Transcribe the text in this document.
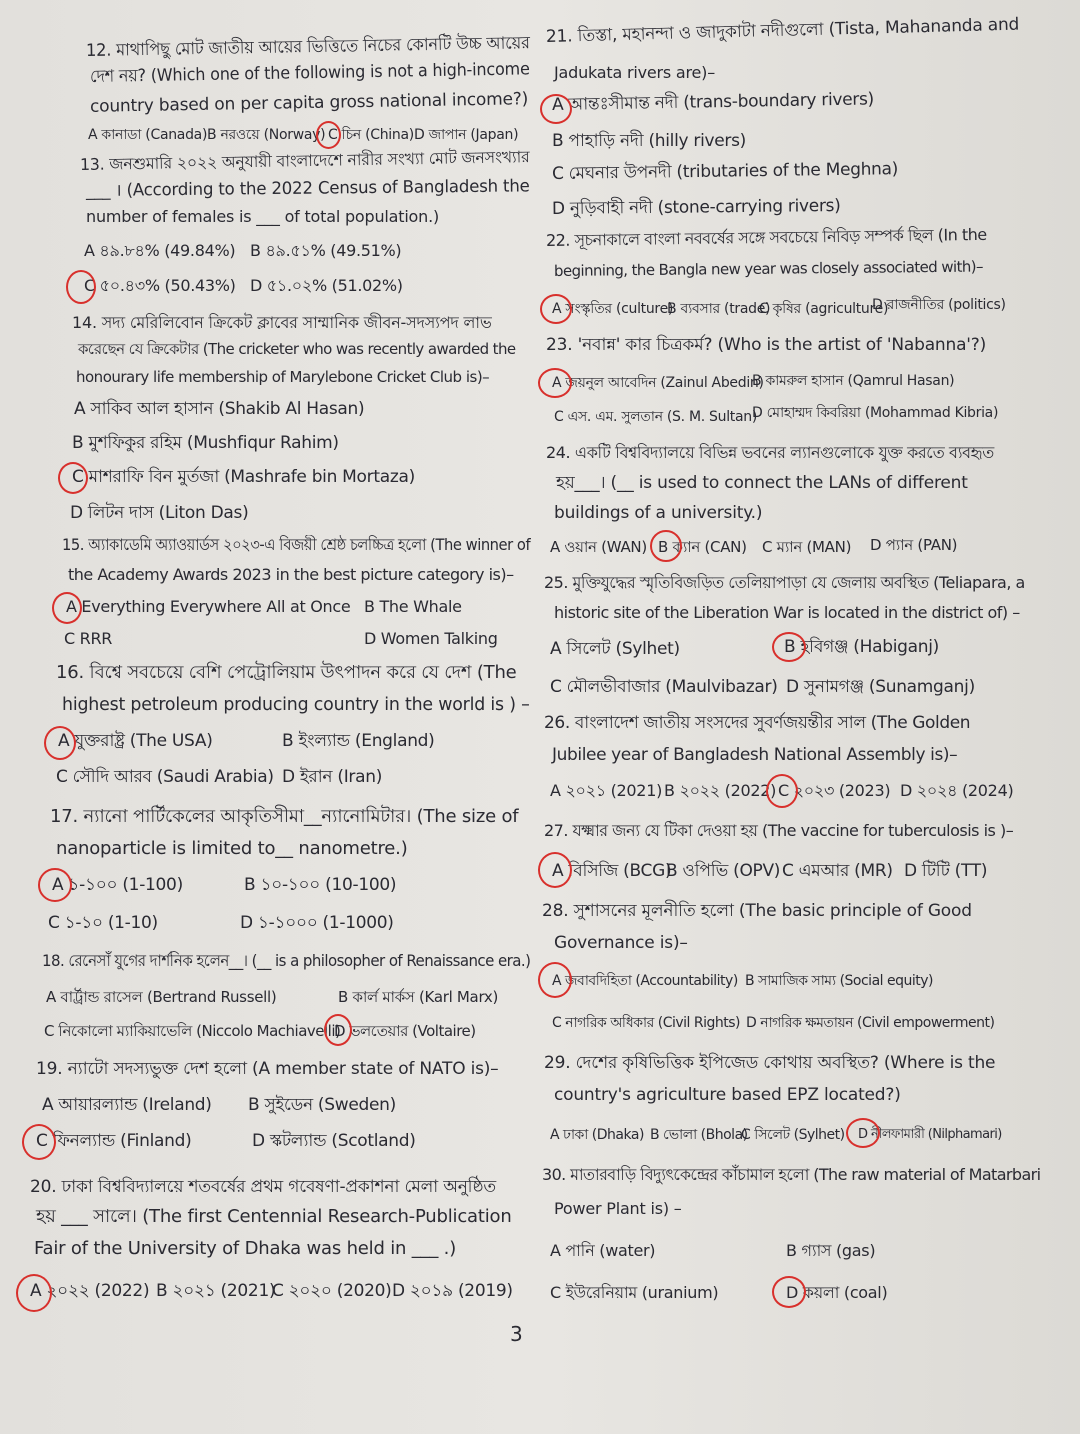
12. মাথাপিছু মোট জাতীয় আয়ের ভিত্তিতে নিচের কোনটি উচ্চ আয়ের
দেশ নয়? (Which one of the following is not a high-income
country based on per capita gross national income?)
A কানাডা (Canada) B নরওয়ে (Norway) C চিন (China) D জাপান (Japan)
13. জনশুমারি ২০২২ অনুযায়ী বাংলাদেশে নারীর সংখ্যা মোট জনসংখ্যার
___ । (According to the 2022 Census of Bangladesh the
number of females is ___ of total population.)
A ৪৯.৮৪% (49.84%) B ৪৯.৫১% (49.51%)
C ৫০.৪৩% (50.43%) D ৫১.০২% (51.02%)
14. সদ্য মেরিলিবোন ক্রিকেট ক্লাবের সাম্মানিক জীবন-সদস্যপদ লাভ
করেছেন যে ক্রিকেটার (The cricketer who was recently awarded the
honourary life membership of Marylebone Cricket Club is)–
A সাকিব আল হাসান (Shakib Al Hasan)
B মুশফিকুর রহিম (Mushfiqur Rahim)
C মাশরাফি বিন মুর্তজা (Mashrafe bin Mortaza)
D লিটন দাস (Liton Das)
15. অ্যাকাডেমি অ্যাওয়ার্ডস ২০২৩-এ বিজয়ী শ্রেষ্ঠ চলচ্চিত্র হলো (The winner of
the Academy Awards 2023 in the best picture category is)–
A Everything Everywhere All at Once B The Whale
C RRR	D Women Talking
16. বিশ্বে সবচেয়ে বেশি পেট্রোলিয়াম উৎপাদন করে যে দেশ (The
highest petroleum producing country in the world is ) –
A যুক্তরাষ্ট্র (The USA)	B ইংল্যান্ড (England)
C সৌদি আরব (Saudi Arabia) D ইরান (Iran)
17. ন্যানো পার্টিকেলের আকৃতিসীমা__ন্যানোমিটার। (The size of
nanoparticle is limited to__ nanometre.)
A ১-১০০ (1-100)	B ১০-১০০ (10-100)
C ১-১০ (1-10)	D ১-১০০০ (1-1000)
18. রেনেসাঁ যুগের দার্শনিক হলেন__। (__ is a philosopher of Renaissance era.)
A বার্ট্রান্ড রাসেল (Bertrand Russell)	B কার্ল মার্কস (Karl Marx)
C নিকোলো ম্যাকিয়াভেলি (Niccolo Machiavelli)
D ভলতেয়ার (Voltaire)
19. ন্যাটো সদস্যভুক্ত দেশ হলো (A member state of NATO is)–
A আয়ারল্যান্ড (Ireland) B সুইডেন (Sweden)
C ফিনল্যান্ড (Finland)	D স্কটল্যান্ড (Scotland)
20. ঢাকা বিশ্ববিদ্যালয়ে শতবর্ষের প্রথম গবেষণা-প্রকাশনা মেলা অনুষ্ঠিত
হয় ___ সালে। (The first Centennial Research-Publication
Fair of the University of Dhaka was held in ___ .)
A ২০২২ (2022) B ২০২১ (2021)
C ২০২০ (2020) D ২০১৯ (2019)
21. তিস্তা, মহানন্দা ও জাদুকাটা নদীগুলো (Tista, Mahananda and
Jadukata rivers are)–
A আন্তঃসীমান্ত নদী (trans-boundary rivers)
B পাহাড়ি নদী (hilly rivers)
C মেঘনার উপনদী (tributaries of the Meghna)
D নুড়িবাহী নদী (stone-carrying rivers)
22. সূচনাকালে বাংলা নববর্ষের সঙ্গে সবচেয়ে নিবিড় সম্পর্ক ছিল (In the
beginning, the Bangla new year was closely associated with)–
A সংস্কৃতির (culture)
B ব্যবসার (trade)
C কৃষির (agriculture)
D রাজনীতির (politics)
23. 'নবান্ন' কার চিত্রকর্ম? (Who is the artist of 'Nabanna'?)
A জয়নুল আবেদিন (Zainul Abedin)
B কামরুল হাসান (Qamrul Hasan)
C এস. এম. সুলতান (S. M. Sultan)
D মোহাম্মদ কিবরিয়া (Mohammad Kibria)
24. একটি বিশ্ববিদ্যালয়ে বিভিন্ন ভবনের ল্যানগুলোকে যুক্ত করতে ব্যবহৃত
হয়___। (__ is used to connect the LANs of different
buildings of a university.)
A ওয়ান (WAN) B ক্যান (CAN) C ম্যান (MAN) D প্যান (PAN)
25. মুক্তিযুদ্ধের স্মৃতিবিজড়িত তেলিয়াপাড়া যে জেলায় অবস্থিত (Teliapara, a
historic site of the Liberation War is located in the district of) –
A সিলেট (Sylhet)	B হবিগঞ্জ (Habiganj)
C মৌলভীবাজার (Maulvibazar) D সুনামগঞ্জ (Sunamganj)
26. বাংলাদেশ জাতীয় সংসদের সুবর্ণজয়ন্তীর সাল (The Golden
Jubilee year of Bangladesh National Assembly is)–
A ২০২১ (2021) B ২০২২ (2022) C ২০২৩ (2023) D ২০২৪ (2024)
27. যক্ষ্মার জন্য যে টিকা দেওয়া হয় (The vaccine for tuberculosis is )–
A বিসিজি (BCG)
B ওপিভি (OPV) C এমআর (MR) D টিটি (TT)
28. সুশাসনের মূলনীতি হলো (The basic principle of Good
Governance is)–
A জবাবদিহিতা (Accountability) B সামাজিক সাম্য (Social equity)
C নাগরিক অধিকার (Civil Rights) D নাগরিক ক্ষমতায়ন (Civil empowerment)
29. দেশের কৃষিভিত্তিক ইপিজেড কোথায় অবস্থিত? (Where is the
country's agriculture based EPZ located?)
A ঢাকা (Dhaka) B ভোলা (Bhola)
C সিলেট (Sylhet) D নীলফামারী (Nilphamari)
30. মাতারবাড়ি বিদ্যুৎকেন্দ্রের কাঁচামাল হলো (The raw material of Matarbari
Power Plant is) –
A পানি (water)	B গ্যাস (gas)
C ইউরেনিয়াম (uranium)	D কয়লা (coal)
3
